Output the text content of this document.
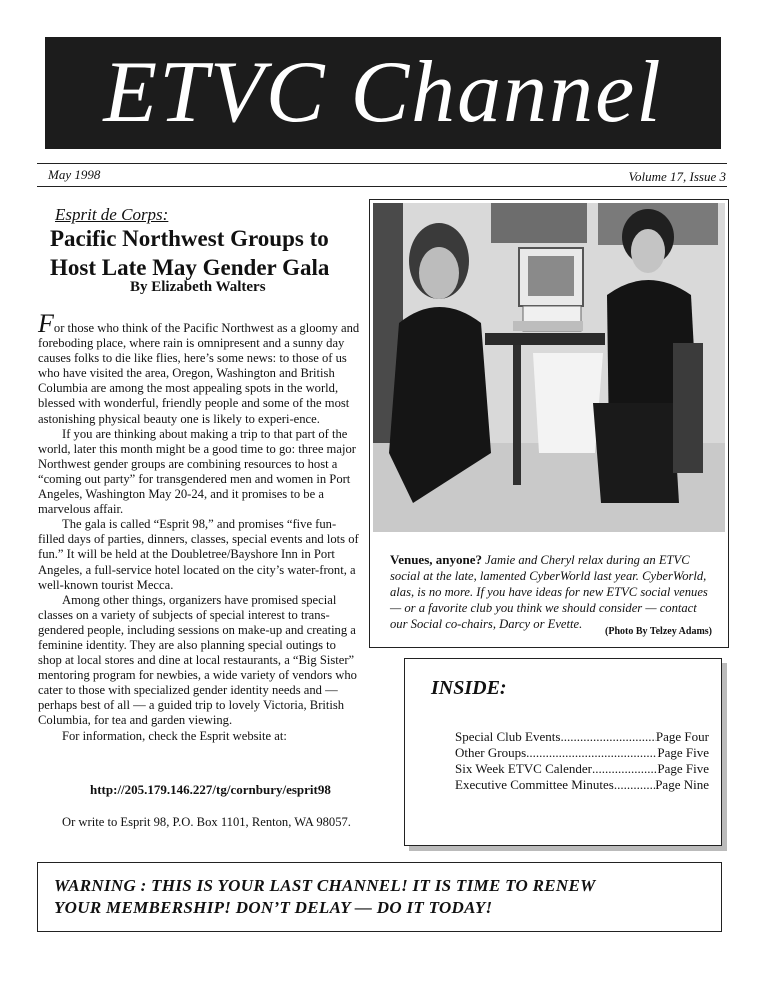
ETVC Channel
May 1998	Volume 17, Issue 3
Esprit de Corps:
Pacific Northwest Groups to Host Late May Gender Gala
By Elizabeth Walters

For those who think of the Pacific Northwest as a gloomy and foreboding place, where rain is omnipresent and a sunny day causes folks to die like flies, here’s some news: to those of us who have visited the area, Oregon, Washington and British Columbia are among the most appealing spots in the world, blessed with wonderful, friendly people and some of the most astonishing physical beauty one is likely to experi-ence.

If you are thinking about making a trip to that part of the world, later this month might be a good time to go: three major Northwest gender groups are combining resources to host a “coming out party” for transgendered men and women in Port Angeles, Washington May 20-24, and it promises to be a marvelous affair.

The gala is called “Esprit 98,” and promises “five fun-filled days of parties, dinners, classes, special events and lots of fun.” It will be held at the Doubletree/Bayshore Inn in Port Angeles, a full-service hotel located on the city’s water-front, a well-known tourist Mecca.

Among other things, organizers have promised special classes on a variety of subjects of special interest to trans-gendered people, including sessions on make-up and creating a feminine identity. They are also planning special outings to shop at local stores and dine at local restaurants, a “Big Sister” mentoring program for newbies, a wide variety of vendors who cater to those with specialized gender identity needs and — perhaps best of all — a guided trip to lovely Victoria, British Columbia, for tea and garden viewing.

For information, check the Esprit website at:

http://205.179.146.227/tg/cornbury/esprit98

Or write to Esprit 98, P.O. Box 1101, Renton, WA 98057.

Venues, anyone? Jamie and Cheryl relax during an ETVC social at the late, lamented CyberWorld last year. CyberWorld, alas, is no more. If you have ideas for new ETVC social venues — or a favorite club you think we should consider — contact our Social co-chairs, Darcy or Evette.
(Photo By Telzey Adams)
INSIDE:
Special Club Events .....	Page Four
Other Groups .....	Page Five
Six Week ETVC Calender .....	Page Five
Executive Committee Minutes .....	Page Nine
WARNING : THIS IS YOUR LAST CHANNEL! IT IS TIME TO RENEW
YOUR MEMBERSHIP! DON’T DELAY — DO IT TODAY!
